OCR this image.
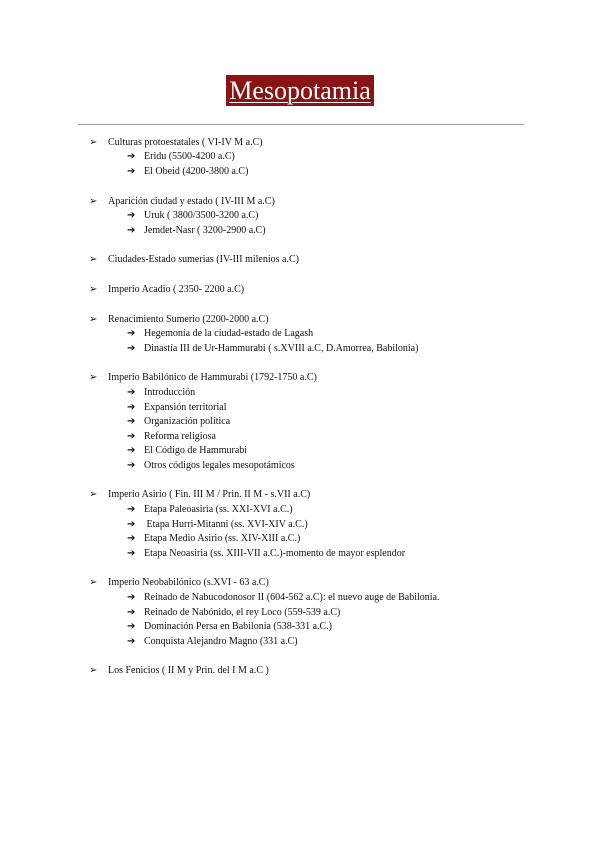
Mesopotamia
➢	Culturas protoestatales ( VI-IV M a.C)
➔ Eridu (5500-4200 a.C)
➔ El Obeid (4200-3800 a.C)
➢	Aparición ciudad y estado ( IV-III M a.C)
➔ Uruk ( 3800/3500-3200 a.C)
➔ Jemdet-Nasr ( 3200-2900 a.C)
➢	Ciudades-Estado sumerias (IV-III milenios a.C)
➢	Imperio Acadio ( 2350- 2200 a.C)
➢	Renacimiento Sumerio (2200-2000 a.C)
➔ Hegemonía de la ciudad-estado de Lagash
➔ Dinastía III de Ur-Hammurabi ( s.XVIII a.C, D.Amorrea, Babilonia)
➢	Imperio Babilónico de Hammurabi (1792-1750 a.C)
➔ Introducción
➔ Expansión territorial
➔ Organización política
➔ Reforma religiosa
➔ El Código de Hammurabi
➔ Otros códigos legales mesopotámicos
➢	Imperio Asirio ( Fin. III M / Prin. II M - s.VII a.C)
➔ Etapa Paleoasiria (ss. XXI-XVI a.C.)
➔ Etapa Hurri-Mitanni (ss. XVI-XIV a.C.)
➔ Etapa Medio Asirio (ss. XIV-XIII a.C.)
➔ Etapa Neoasiria (ss. XIII-VII a.C.)-momento de mayor esplendor
➢	Imperio Neobabilónico (s.XVI - 63 a.C)
➔ Reinado de Nabucodonosor II (604-562 a.C): el nuevo auge de Babilonia.
➔ Reinado de Nabónido, el rey Loco (559-539 a.C)
➔ Dominación Persa en Babilonia (538-331 a.C.)
➔ Conquista Alejandro Magno (331 a.C)
➢	Los Fenicios ( II M y Prin. del I M a.C )
